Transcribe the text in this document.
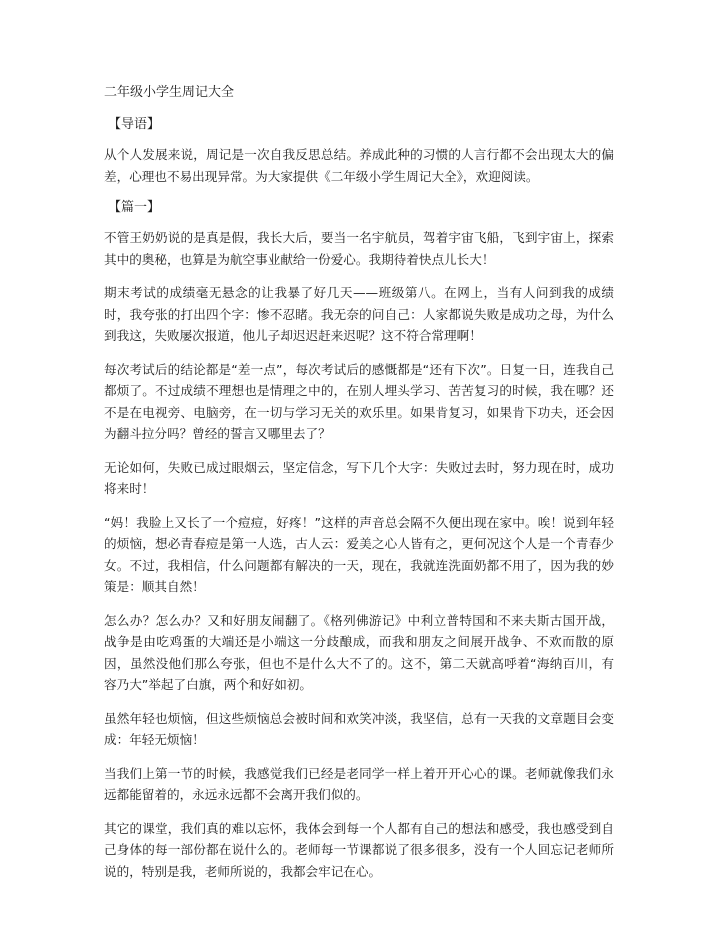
二年级小学生周记大全
【导语】

从个人发展来说，周记是一次自我反思总结。养成此种的习惯的人言行都不会出现太大的偏差，心理也不易出现异常。为大家提供《二年级小学生周记大全》，欢迎阅读。

【篇一】

不管王奶奶说的是真是假，我长大后，要当一名宇航员，驾着宇宙飞船，飞到宇宙上，探索其中的奥秘，也算是为航空事业献给一份爱心。我期待着快点儿长大！

期末考试的成绩毫无悬念的让我暴了好几天——班级第八。在网上，当有人问到我的成绩时，我夸张的打出四个字：惨不忍睹。我无奈的问自己：人家都说失败是成功之母，为什么到我这，失败屡次报道，他儿子却迟迟赶来迟呢？这不符合常理啊！

每次考试后的结论都是“差一点”，每次考试后的感慨都是“还有下次”。日复一日，连我自己都烦了。不过成绩不理想也是情理之中的，在别人埋头学习、苦苦复习的时候，我在哪？还不是在电视旁、电脑旁，在一切与学习无关的欢乐里。如果肯复习，如果肯下功夫，还会因为翻斗拉分吗？曾经的誓言又哪里去了？

无论如何，失败已成过眼烟云，坚定信念，写下几个大字：失败过去时，努力现在时，成功将来时！

“妈！我脸上又长了一个痘痘，好疼！”这样的声音总会隔不久便出现在家中。唉！说到年轻的烦恼，想必青春痘是第一人选，古人云：爱美之心人皆有之，更何况这个人是一个青春少女。不过，我相信，什么问题都有解决的一天，现在，我就连洗面奶都不用了，因为我的妙策是：顺其自然！

怎么办？怎么办？又和好朋友闹翻了。《格列佛游记》中利立普特国和不来夫斯古国开战，战争是由吃鸡蛋的大端还是小端这一分歧酿成，而我和朋友之间展开战争、不欢而散的原因，虽然没他们那么夸张，但也不是什么大不了的。这不，第二天就高呼着“海纳百川，有容乃大”举起了白旗，两个和好如初。

虽然年轻也烦恼，但这些烦恼总会被时间和欢笑冲淡，我坚信，总有一天我的文章题目会变成：年轻无烦恼！

当我们上第一节的时候，我感觉我们已经是老同学一样上着开开心心的课。老师就像我们永远都能留着的，永远永远都不会离开我们似的。

其它的课堂，我们真的难以忘怀，我体会到每一个人都有自己的想法和感受，我也感受到自己身体的每一部份都在说什么的。老师每一节课都说了很多很多，没有一个人回忘记老师所说的，特别是我，老师所说的，我都会牢记在心。
